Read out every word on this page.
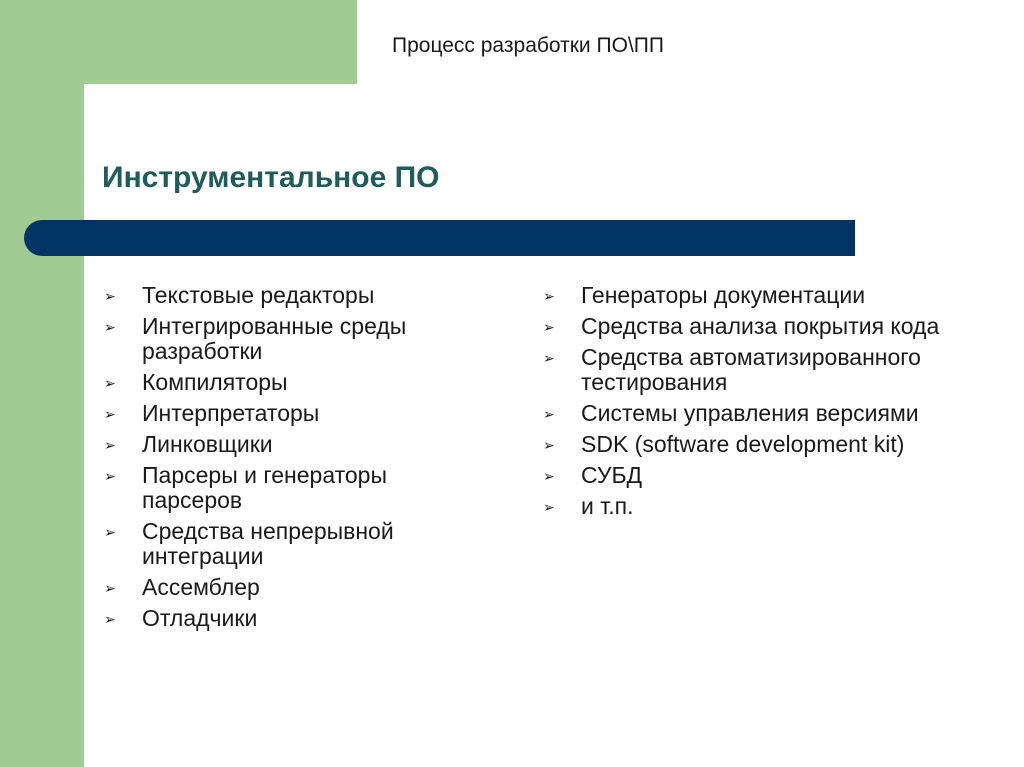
Процесс разработки ПО\ПП
Инструментальное ПО
➢ Текстовые редакторы
➢ Интегрированные среды разработки
➢ Компиляторы
➢ Интерпретаторы
➢ Линковщики
➢ Парсеры и генераторы парсеров
➢ Средства непрерывной интеграции
➢ Ассемблер
➢ Отладчики
➢ Генераторы документации
➢ Средства анализа покрытия кода
➢ Средства автоматизированного тестирования
➢ Системы управления версиями
➢ SDK (software development kit)
➢ СУБД
➢ и т.п.
